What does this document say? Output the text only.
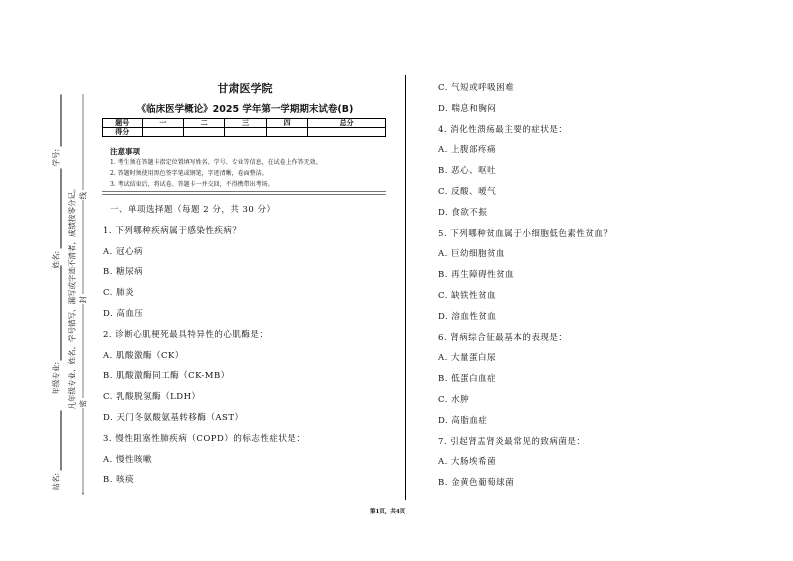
站名:
年级专业:
姓名:
学号:
凡年级专业、姓名、学号错写、漏写或字迹不清者，成绩按零分记。 密
封
线
甘肃医学院
《临床医学概论》2025 学年第一学期期末试卷(B)
题号	一	二	三	四	总分
得分					
注意事项
1. 考生须在答题卡指定位置填写姓名、学号、专业等信息，在试卷上作答无效。
2. 答题时须使用黑色签字笔或钢笔，字迹清晰，卷面整洁。
3. 考试结束后，将试卷、答题卡一并交回，不得携带出考场。
一、单项选择题（每题 2 分，共 30 分）
1. 下列哪种疾病属于感染性疾病？
A. 冠心病
B. 糖尿病
C. 肺炎
D. 高血压
2. 诊断心肌梗死最具特异性的心肌酶是：
A. 肌酸激酶（CK）
B. 肌酸激酶同工酶（CK-MB）
C. 乳酸脱氢酶（LDH）
D. 天门冬氨酸氨基转移酶（AST）
3. 慢性阻塞性肺疾病（COPD）的标志性症状是：
A. 慢性咳嗽
B. 咳痰
C. 气短或呼吸困难
D. 喘息和胸闷
4. 消化性溃疡最主要的症状是：
A. 上腹部疼痛
B. 恶心、呕吐
C. 反酸、嗳气
D. 食欲不振
5. 下列哪种贫血属于小细胞低色素性贫血？
A. 巨幼细胞贫血
B. 再生障碍性贫血
C. 缺铁性贫血
D. 溶血性贫血
6. 肾病综合征最基本的表现是：
A. 大量蛋白尿
B. 低蛋白血症
C. 水肿
D. 高脂血症
7. 引起肾盂肾炎最常见的致病菌是：
A. 大肠埃希菌
B. 金黄色葡萄球菌
第1页，共4页
